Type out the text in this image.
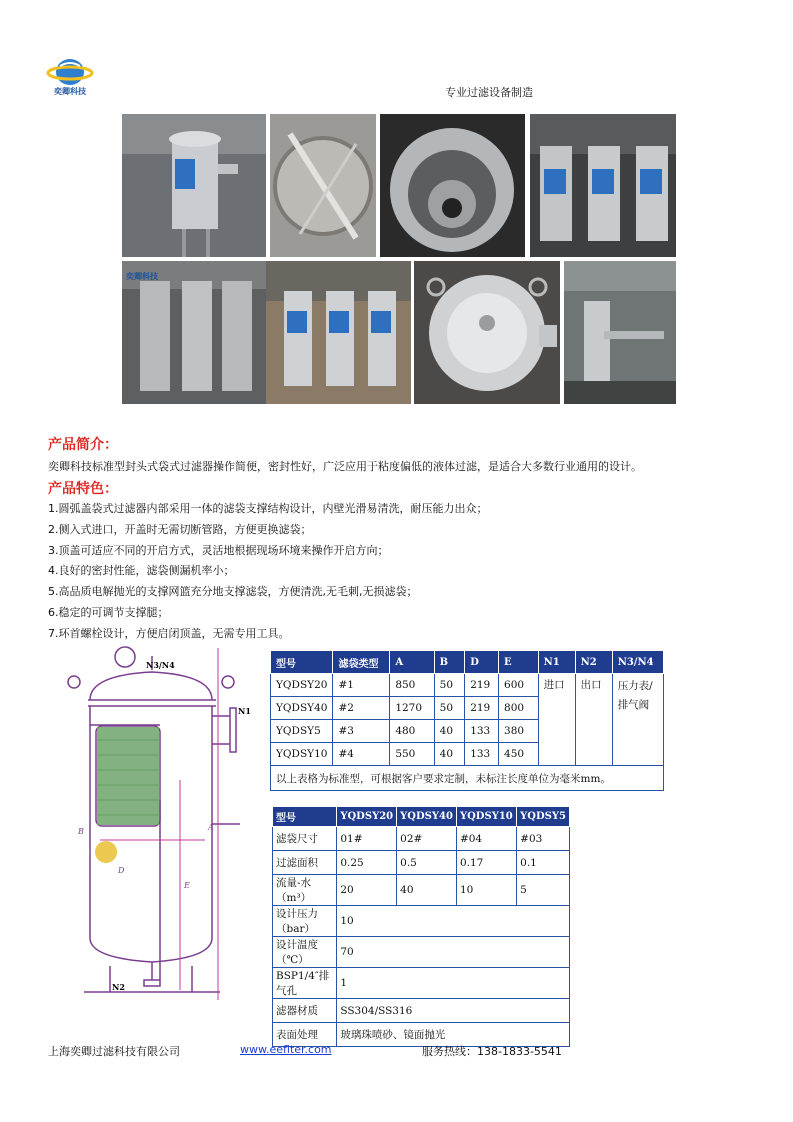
奕卿科技	专业过滤设备制造
奕卿科技
产品简介：
奕卿科技标准型封头式袋式过滤器操作简便，密封性好，广泛应用于粘度偏低的液体过滤，是适合大多数行业通用的设计。
产品特色：
1.圆弧盖袋式过滤器内部采用一体的滤袋支撑结构设计，内壁光滑易清洗，耐压能力出众；
2.侧入式进口，开盖时无需切断管路，方便更换滤袋；
3.顶盖可适应不同的开启方式，灵活地根据现场环境来操作开启方向；
4.良好的密封性能，滤袋侧漏机率小；
5.高品质电解抛光的支撑网篮充分地支撑滤袋，方便清洗,无毛刺,无损滤袋；
6.稳定的可调节支撑腿；
7.环首螺栓设计，方便启闭顶盖，无需专用工具。
N3/N4
N1
N2
A
E
D
B
型号	滤袋类型	A	B	D	E	N1	N2	N3/N4
YQDSY20	#1	850	50	219	600	进口	出口	压力表/排气阀
YQDSY40	#2	1270	50	219	800			
YQDSY5	#3	480	40	133	380			
YQDSY10	#4	550	40	133	450			
以上表格为标准型，可根据客户要求定制，未标注长度单位为毫米mm。								
型号	YQDSY20	YQDSY40	YQDSY10	YQDSY5
滤袋尺寸	01#	02#	#04	#03
过滤面积	0.25	0.5	0.17	0.1
流量-水（m³）	20	40	10	5
设计压力（bar）	10			
设计温度（℃）	70			
BSP1/4″排气孔	1			
滤器材质	SS304/SS316			
表面处理	玻璃珠喷砂、镜面抛光			
上海奕卿过滤科技有限公司	www.eeflter.com	服务热线：138-1833-5541
